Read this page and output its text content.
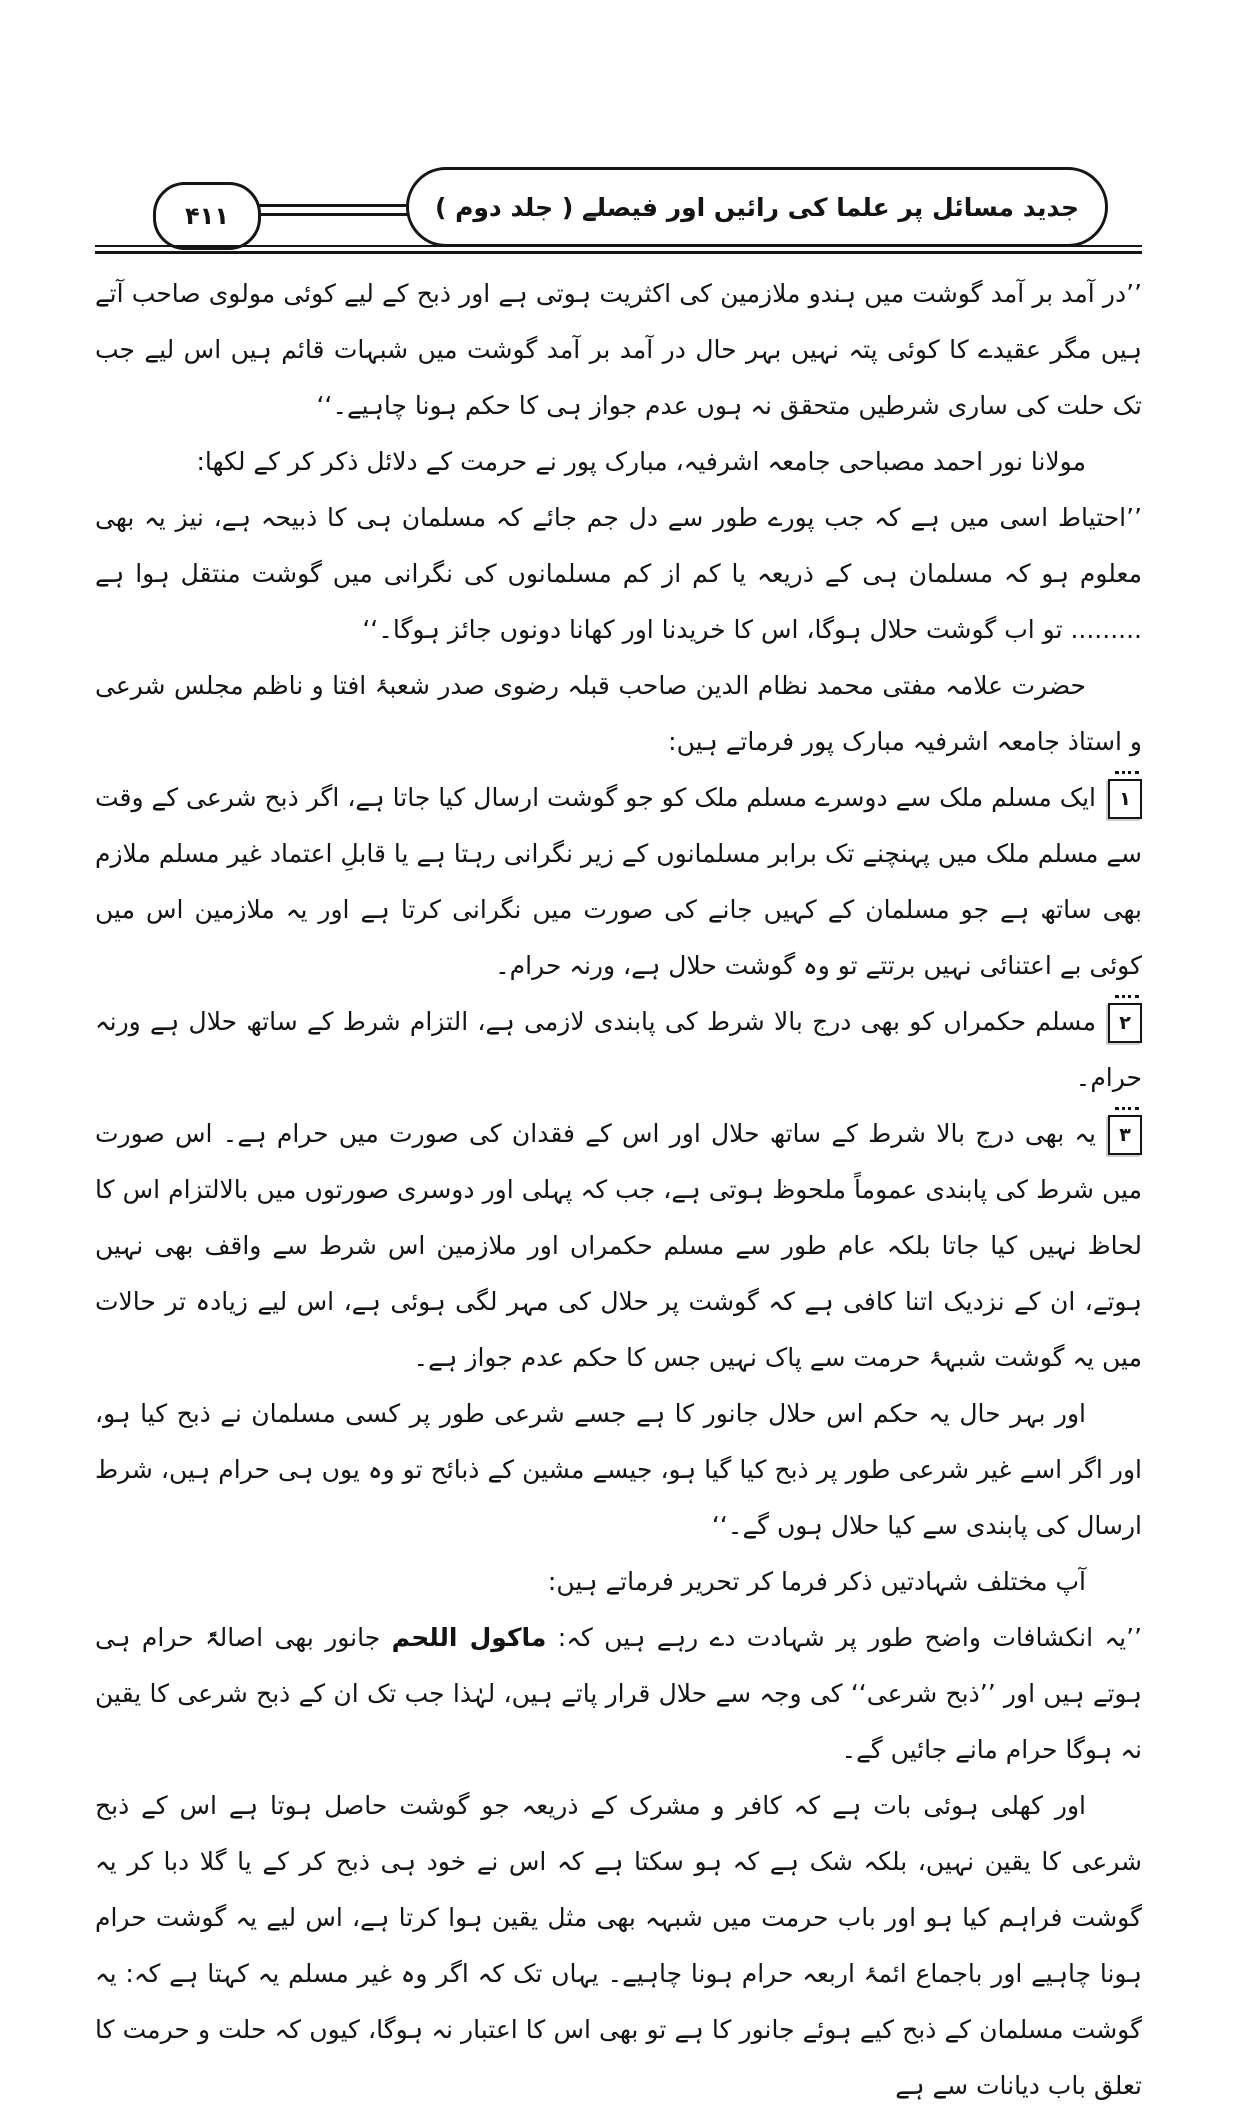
۴۱۱	جدید مسائل پر علما کی رائیں اور فیصلے ( جلد دوم )

’’در آمد بر آمد گوشت میں ہندو ملازمین کی اکثریت ہوتی ہے اور ذبح کے لیے کوئی مولوی صاحب آتے ہیں مگر عقیدے کا کوئی پتہ نہیں بہر حال در آمد بر آمد گوشت میں شبہات قائم ہیں اس لیے جب تک حلت کی ساری شرطیں متحقق نہ ہوں عدم جواز ہی کا حکم ہونا چاہیے۔‘‘

مولانا نور احمد مصباحی جامعہ اشرفیہ، مبارک پور نے حرمت کے دلائل ذکر کر کے لکھا:

’’احتیاط اسی میں ہے کہ جب پورے طور سے دل جم جائے کہ مسلمان ہی کا ذبیحہ ہے، نیز یہ بھی معلوم ہو کہ مسلمان ہی کے ذریعہ یا کم از کم مسلمانوں کی نگرانی میں گوشت منتقل ہوا ہے ......... تو اب گوشت حلال ہوگا، اس کا خریدنا اور کھانا دونوں جائز ہوگا۔‘‘

حضرت علامہ مفتی محمد نظام الدین صاحب قبلہ رضوی صدر شعبۂ افتا و ناظم مجلس شرعی و استاذ جامعہ اشرفیہ مبارک پور فرماتے ہیں:

۱ایک مسلم ملک سے دوسرے مسلم ملک کو جو گوشت ارسال کیا جاتا ہے، اگر ذبح شرعی کے وقت سے مسلم ملک میں پہنچنے تک برابر مسلمانوں کے زیر نگرانی رہتا ہے یا قابلِ اعتماد غیر مسلم ملازم بھی ساتھ ہے جو مسلمان کے کہیں جانے کی صورت میں نگرانی کرتا ہے اور یہ ملازمین اس میں کوئی بے اعتنائی نہیں برتتے تو وہ گوشت حلال ہے، ورنہ حرام۔

۲مسلم حکمراں کو بھی درج بالا شرط کی پابندی لازمی ہے، التزام شرط کے ساتھ حلال ہے ورنہ حرام۔

۳یہ بھی درج بالا شرط کے ساتھ حلال اور اس کے فقدان کی صورت میں حرام ہے۔ اس صورت میں شرط کی پابندی عموماً ملحوظ ہوتی ہے، جب کہ پہلی اور دوسری صورتوں میں بالالتزام اس کا لحاظ نہیں کیا جاتا بلکہ عام طور سے مسلم حکمراں اور ملازمین اس شرط سے واقف بھی نہیں ہوتے، ان کے نزدیک اتنا کافی ہے کہ گوشت پر حلال کی مہر لگی ہوئی ہے، اس لیے زیادہ تر حالات میں یہ گوشت شبہۂ حرمت سے پاک نہیں جس کا حکم عدم جواز ہے۔

اور بہر حال یہ حکم اس حلال جانور کا ہے جسے شرعی طور پر کسی مسلمان نے ذبح کیا ہو، اور اگر اسے غیر شرعی طور پر ذبح کیا گیا ہو، جیسے مشین کے ذبائح تو وہ یوں ہی حرام ہیں، شرط ارسال کی پابندی سے کیا حلال ہوں گے۔‘‘

آپ مختلف شہادتیں ذکر فرما کر تحریر فرماتے ہیں:

’’یہ انکشافات واضح طور پر شہادت دے رہے ہیں کہ: ماکول اللحم جانور بھی اصالۃً حرام ہی ہوتے ہیں اور ’’ذبح شرعی‘‘ کی وجہ سے حلال قرار پاتے ہیں، لہٰذا جب تک ان کے ذبح شرعی کا یقین نہ ہوگا حرام مانے جائیں گے۔

اور کھلی ہوئی بات ہے کہ کافر و مشرک کے ذریعہ جو گوشت حاصل ہوتا ہے اس کے ذبح شرعی کا یقین نہیں، بلکہ شک ہے کہ ہو سکتا ہے کہ اس نے خود ہی ذبح کر کے یا گلا دبا کر یہ گوشت فراہم کیا ہو اور باب حرمت میں شبہہ بھی مثل یقین ہوا کرتا ہے، اس لیے یہ گوشت حرام ہونا چاہیے اور باجماع ائمۂ اربعہ حرام ہونا چاہیے۔ یہاں تک کہ اگر وہ غیر مسلم یہ کہتا ہے کہ: یہ گوشت مسلمان کے ذبح کیے ہوئے جانور کا ہے تو بھی اس کا اعتبار نہ ہوگا، کیوں کہ حلت و حرمت کا تعلق باب دیانات سے ہے
